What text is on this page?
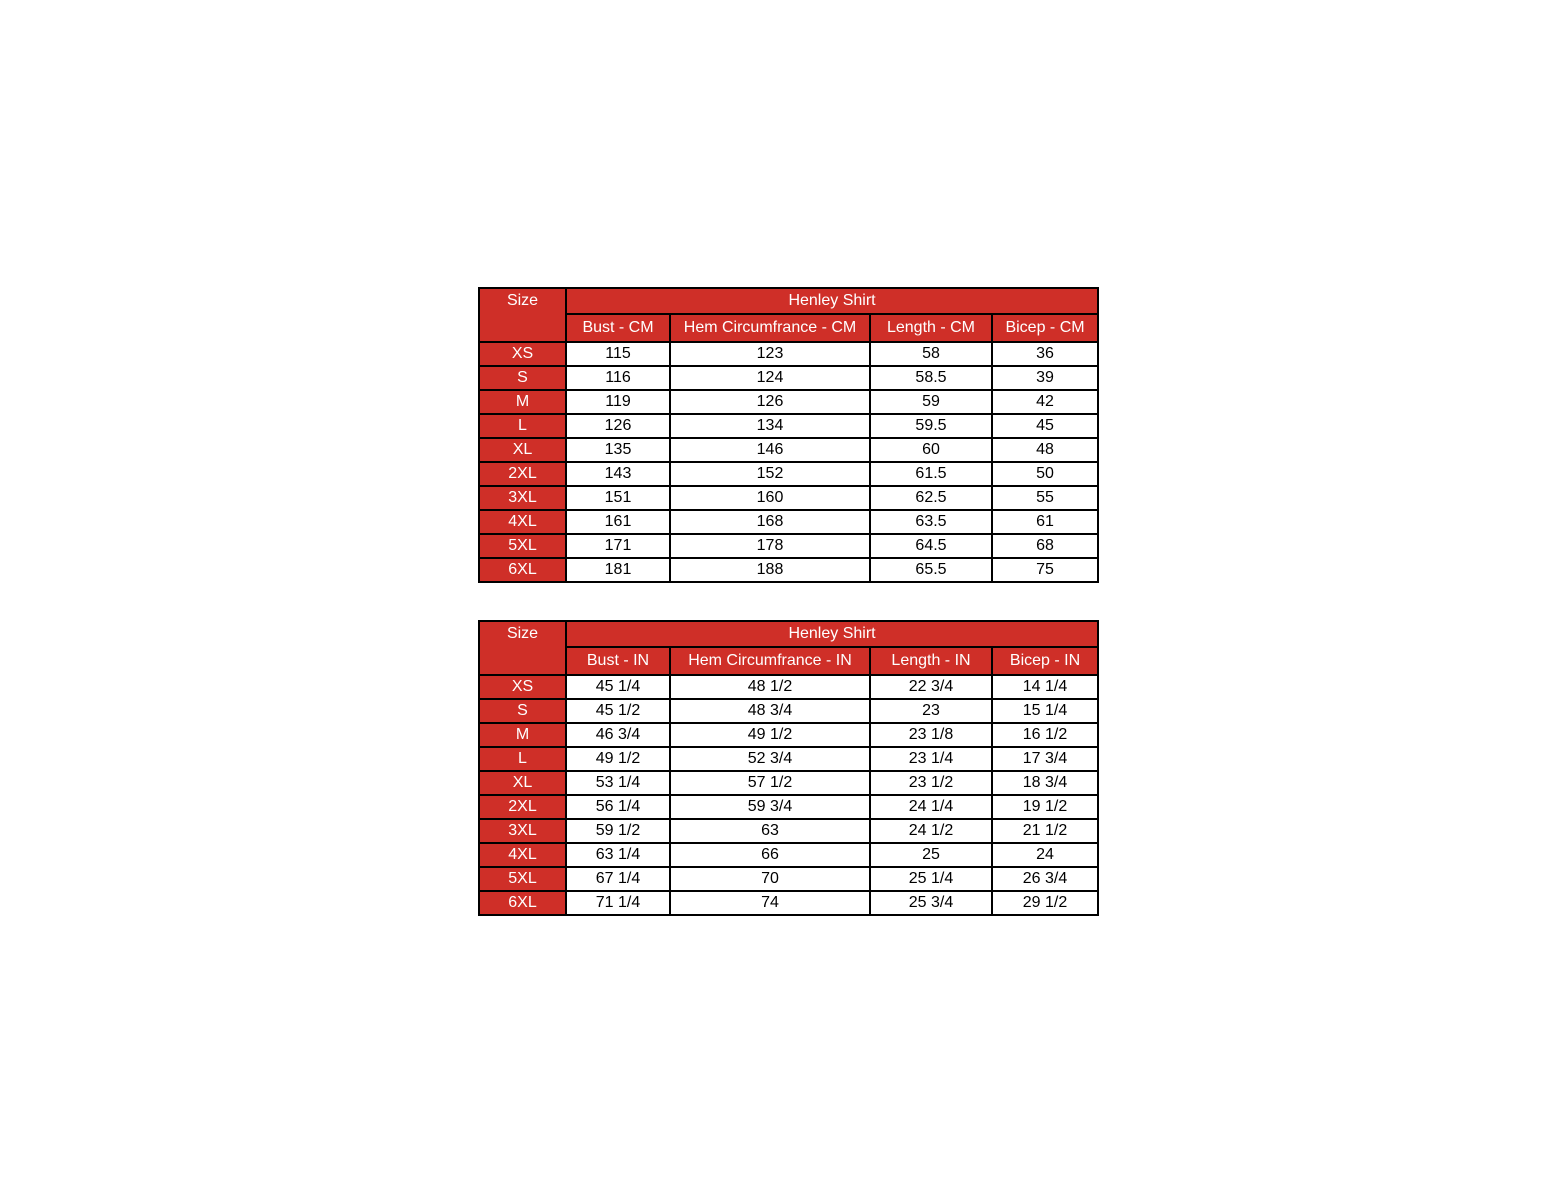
Size	Henley Shirt			
	Bust - CM	Hem Circumfrance - CM	Length - CM	Bicep - CM
XS	115	123	58	36
S	116	124	58.5	39
M	119	126	59	42
L	126	134	59.5	45
XL	135	146	60	48
2XL	143	152	61.5	50
3XL	151	160	62.5	55
4XL	161	168	63.5	61
5XL	171	178	64.5	68
6XL	181	188	65.5	75
Size	Henley Shirt			
	Bust - IN	Hem Circumfrance - IN	Length - IN	Bicep - IN
XS	45 1/4	48 1/2	22 3/4	14 1/4
S	45 1/2	48 3/4	23	15 1/4
M	46 3/4	49 1/2	23 1/8	16 1/2
L	49 1/2	52 3/4	23 1/4	17 3/4
XL	53 1/4	57 1/2	23 1/2	18 3/4
2XL	56 1/4	59 3/4	24 1/4	19 1/2
3XL	59 1/2	63	24 1/2	21 1/2
4XL	63 1/4	66	25	24
5XL	67 1/4	70	25 1/4	26 3/4
6XL	71 1/4	74	25 3/4	29 1/2
